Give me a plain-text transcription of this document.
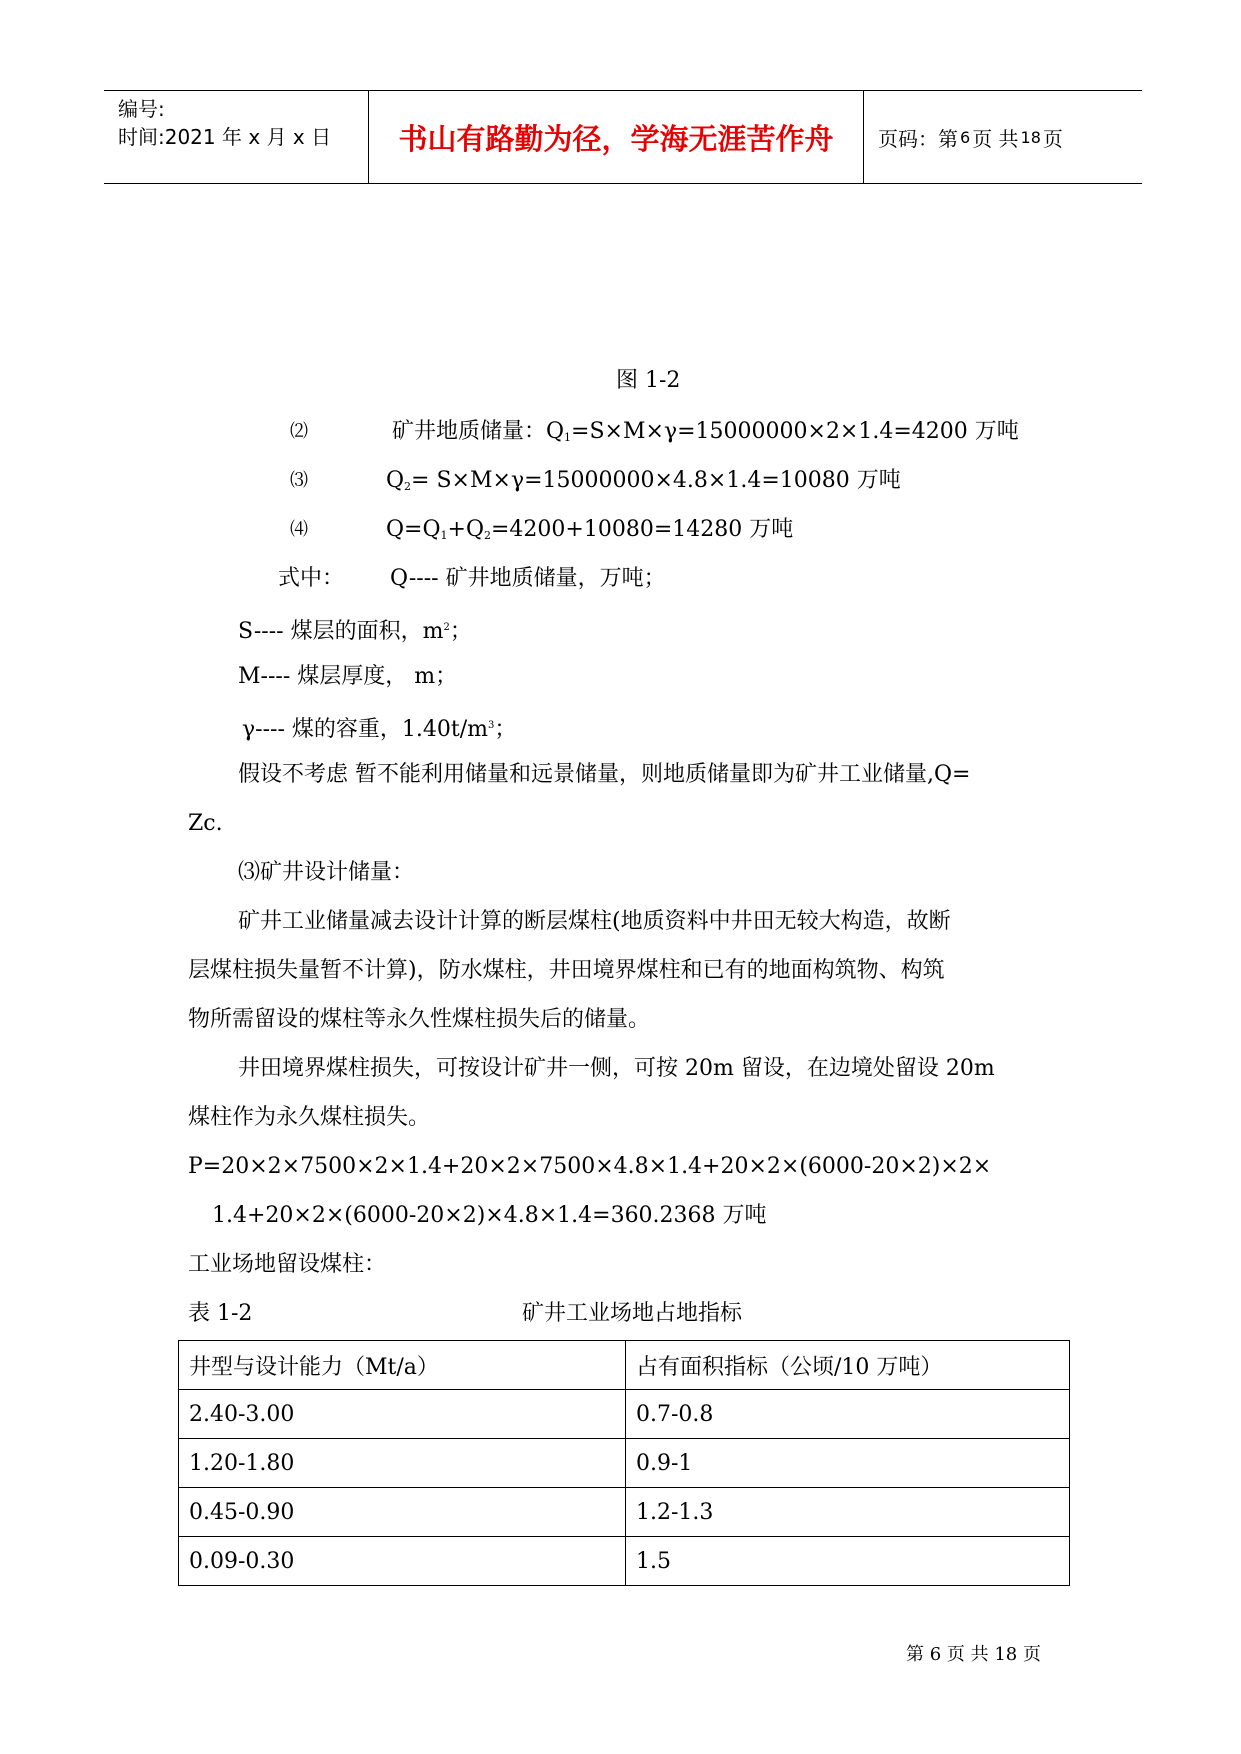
编号:
时间:2021 年 x 月 x 日	书山有路勤为径，学海无涯苦作舟	页码：第 6 页 共 18 页
图 1-2
⑵	矿井地质储量：$Q_1=S\times M\times\gamma=15000000\times 2\times 1.4=4200$ 万吨
⑶	$Q_2= S\times M\times\gamma=15000000\times 4.8\times 1.4=10080$ 万吨
⑷	$Q=Q_1+Q_2=4200+10080=14280$ 万吨
式中： Q---- 矿井地质储量，万吨；
S---- 煤层的面积，$m^2$；
M---- 煤层厚度， m；
γ---- 煤的容重，$1.40t/m^3$；
假设不考虑 暂不能利用储量和远景储量，则地质储量即为矿井工业储量,Q=
Zc.
⑶矿井设计储量：
矿井工业储量减去设计计算的断层煤柱(地质资料中井田无较大构造，故断
层煤柱损失量暂不计算)，防水煤柱，井田境界煤柱和已有的地面构筑物、构筑
物所需留设的煤柱等永久性煤柱损失后的储量。
井田境界煤柱损失，可按设计矿井一侧，可按 20m 留设，在边境处留设 20m
煤柱作为永久煤柱损失。
P=20×2×7500×2×1.4+20×2×7500×4.8×1.4+20×2×(6000-20×2)×2×
1.4+20×2×(6000-20×2)×4.8×1.4=360.2368 万吨
工业场地留设煤柱：
表 1-2	矿井工业场地占地指标
井型与设计能力（Mt/a）	占有面积指标（公顷/10 万吨）
2.40-3.00	0.7-0.8
1.20-1.80	0.9-1
0.45-0.90	1.2-1.3
0.09-0.30	1.5
第 6 页 共 18 页
